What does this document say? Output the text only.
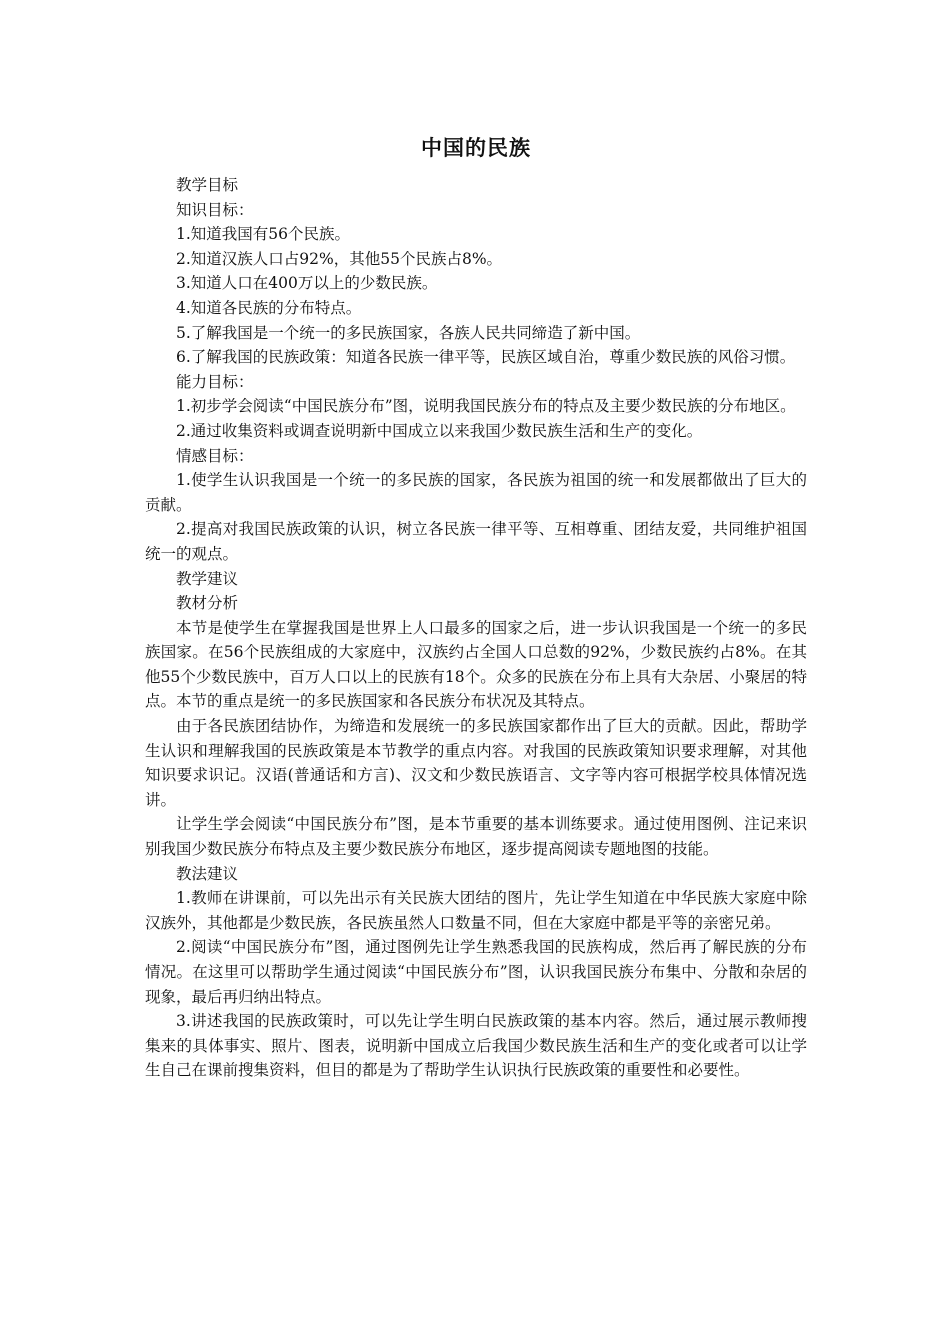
中国的民族

教学目标

知识目标：

1.知道我国有56个民族。

2.知道汉族人口占92%，其他55个民族占8%。

3.知道人口在400万以上的少数民族。

4.知道各民族的分布特点。

5.了解我国是一个统一的多民族国家，各族人民共同缔造了新中国。

6.了解我国的民族政策：知道各民族一律平等，民族区域自治，尊重少数民族的风俗习惯。

能力目标：

1.初步学会阅读“中国民族分布”图，说明我国民族分布的特点及主要少数民族的分布地区。

2.通过收集资料或调查说明新中国成立以来我国少数民族生活和生产的变化。

情感目标：

1.使学生认识我国是一个统一的多民族的国家，各民族为祖国的统一和发展都做出了巨大的贡献。

2.提高对我国民族政策的认识，树立各民族一律平等、互相尊重、团结友爱，共同维护祖国统一的观点。

教学建议

教材分析

本节是使学生在掌握我国是世界上人口最多的国家之后，进一步认识我国是一个统一的多民族国家。在56个民族组成的大家庭中，汉族约占全国人口总数的92%，少数民族约占8%。在其他55个少数民族中，百万人口以上的民族有18个。众多的民族在分布上具有大杂居、小聚居的特点。本节的重点是统一的多民族国家和各民族分布状况及其特点。

由于各民族团结协作，为缔造和发展统一的多民族国家都作出了巨大的贡献。因此，帮助学生认识和理解我国的民族政策是本节教学的重点内容。对我国的民族政策知识要求理解，对其他知识要求识记。汉语(普通话和方言)、汉文和少数民族语言、文字等内容可根据学校具体情况选讲。

让学生学会阅读“中国民族分布”图，是本节重要的基本训练要求。通过使用图例、注记来识别我国少数民族分布特点及主要少数民族分布地区，逐步提高阅读专题地图的技能。

教法建议

1.教师在讲课前，可以先出示有关民族大团结的图片，先让学生知道在中华民族大家庭中除汉族外，其他都是少数民族，各民族虽然人口数量不同，但在大家庭中都是平等的亲密兄弟。

2.阅读“中国民族分布”图，通过图例先让学生熟悉我国的民族构成，然后再了解民族的分布情况。在这里可以帮助学生通过阅读“中国民族分布”图，认识我国民族分布集中、分散和杂居的现象，最后再归纳出特点。

3.讲述我国的民族政策时，可以先让学生明白民族政策的基本内容。然后，通过展示教师搜集来的具体事实、照片、图表，说明新中国成立后我国少数民族生活和生产的变化或者可以让学生自己在课前搜集资料，但目的都是为了帮助学生认识执行民族政策的重要性和必要性。
